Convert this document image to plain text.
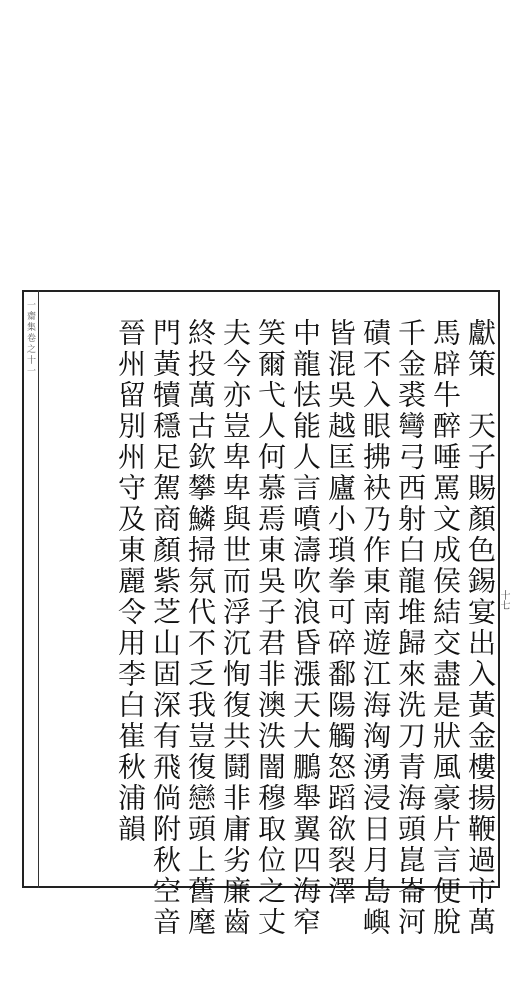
一齋集卷之十一
十七
獻策　天子賜顏色錫宴出入黃金樓揚鞭過市萬
馬辟牛醉唾罵文成侯結交盡是狀風豪片言便脫
千金裘彎弓西射白龍堆歸來洗刀青海頭崑崙河
磧不入眼拂袂乃作東南遊江海洶湧浸日月島嶼
皆混吳越匡廬小瑣拳可碎鄱陽觸怒蹈欲裂澤
中龍怯能人言噴濤吹浪昏漲天大鵬舉翼四海窄
笑爾弋人何慕焉東吳子君非澳泆闇穆取位之丈
夫今亦豈卑卑與世而浮沉恂復共鬪非庸劣廉齒
終投萬古欽攀鱗掃氛代不乏我豈復戀頭上舊麾
門黃犢穩足駕商顏紫芝山固深有飛倘附秋空音
晉州留別州守及東麗令用李白崔秋浦韻
